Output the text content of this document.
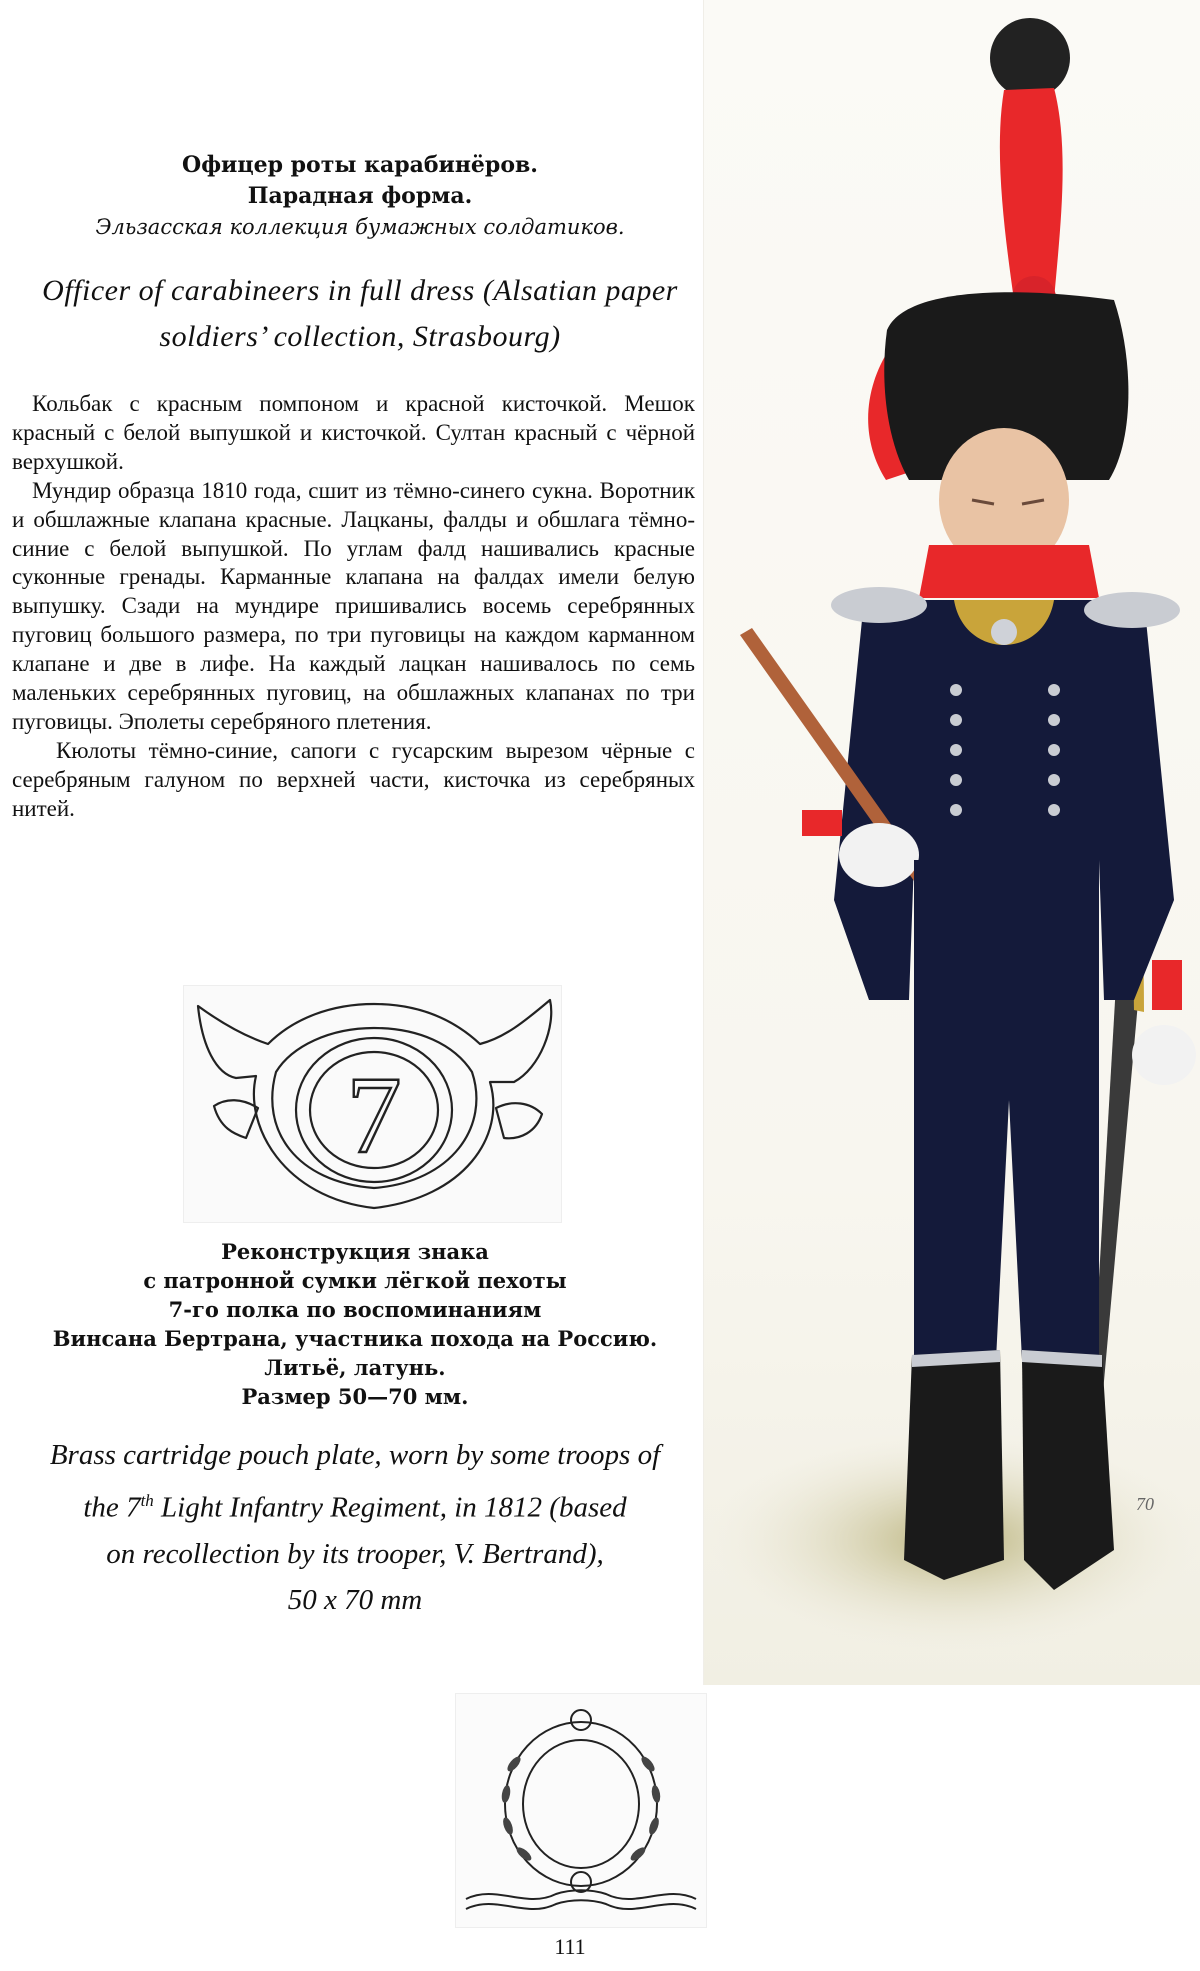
Офицер роты карабинёров.
Парадная форма.
Эльзасская коллекция бумажных солдатиков.
Officer of carabineers in full dress (Alsatian paper
soldiers’ collection, Strasbourg)

Кольбак с красным помпоном и красной кисточкой. Мешок красный с белой выпушкой и кисточкой. Султан красный с чёрной верхушкой.

Мундир образца 1810 года, сшит из тёмно-синего сукна. Воротник и обшлажные клапана красные. Лацканы, фалды и обшлага тёмно-синие с белой выпушкой. По углам фалд нашивались красные суконные гренады. Карманные клапана на фалдах имели белую выпушку. Сзади на мундире пришивались восемь серебрянных пуговиц большого размера, по три пуговицы на каждом карманном клапане и две в лифе. На каждый лацкан нашивалось по семь маленьких серебрянных пуговиц, на обшлажных клапанах по три пуговицы. Эполеты серебряного плетения.

Кюлоты тёмно-синие, сапоги с гусарским вырезом чёрные с серебряным галуном по верхней части, кисточка из серебряных нитей.

7
Реконструкция знака
с патронной сумки лёгкой пехоты
7-го полка по воспоминаниям
Винсана Бертрана, участника похода на Россию.
Литьё, латунь.
Размер 50—70 мм.
Brass cartridge pouch plate, worn by some troops of
the 7th Light Infantry Regiment, in 1812 (based
on recollection by its trooper, V. Bertrand),
50 x 70 mm
70
111
